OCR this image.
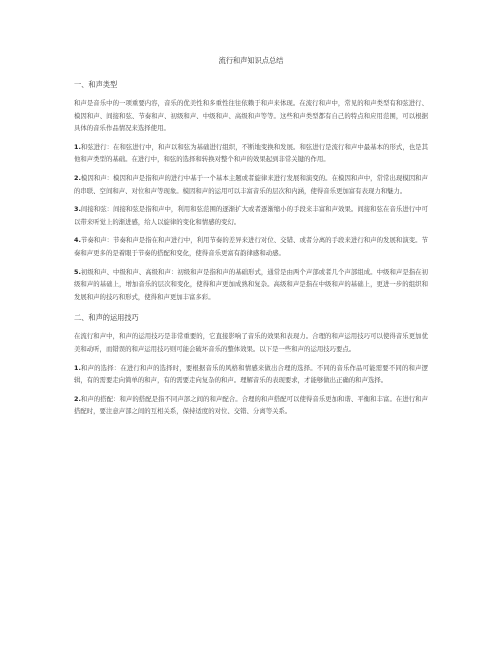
流行和声知识点总结
一、和声类型

和声是音乐中的一项重要内容，音乐的优美性和多重性往往依赖于和声来体现。在流行和声中，常见的和声类型有和弦进行、模因和声、间接和弦、节奏和声、初级和声、中级和声、高级和声等等。这些和声类型都有自己的特点和应用范围，可以根据具体的音乐作品情况来选择使用。

1.和弦进行：在和弦进行中，和声以和弦为基础进行组织，不断地变换和发展。和弦进行是流行和声中最基本的形式，也是其他和声类型的基础。在进行中，和弦的选择和转换对整个和声的效果起到非常关键的作用。

2.模因和声：模因和声是指和声的进行中基于一个基本主题或者旋律来进行发展和演变的。在模因和声中，常常出现模因和声的串联、空间和声、对位和声等现象。模因和声的运用可以丰富音乐的层次和内涵，使得音乐更加富有表现力和魅力。

3.间接和弦：间接和弦是指和声中，利用和弦范围的逐渐扩大或者逐渐缩小的手段来丰富和声效果。间接和弦在音乐进行中可以带来听觉上的渐进感，给人以旋律的变化和情感的变幻。

4.节奏和声：节奏和声是指在和声进行中，利用节奏的差异来进行对位、交错、或者分离的手段来进行和声的发展和演变。节奏和声更多的是着眼于节奏的搭配和变化，使得音乐更富有韵律感和动感。

5.初级和声、中级和声、高级和声：初级和声是指和声的基础形式，通常是由两个声部或者几个声部组成。中级和声是指在初级和声的基础上，增加音乐的层次和变化，使得和声更加成熟和复杂。高级和声是指在中级和声的基础上，更进一步的组织和发展和声的技巧和形式，使得和声更加丰富多彩。

二、和声的运用技巧

在流行和声中，和声的运用技巧是非常重要的，它直接影响了音乐的效果和表现力。合理的和声运用技巧可以使得音乐更加优美和动听，而错误的和声运用技巧则可能会破坏音乐的整体效果。以下是一些和声的运用技巧要点。

1.和声的选择：在进行和声的选择时，要根据音乐的风格和情感来做出合理的选择。不同的音乐作品可能需要不同的和声逻辑，有的需要走向简单的和声，有的需要走向复杂的和声。理解音乐的表现要求，才能够做出正确的和声选择。

2.和声的搭配：和声的搭配是指不同声部之间的和声配合。合理的和声搭配可以使得音乐更加和谐、平衡和丰富。在进行和声搭配时，要注意声部之间的互相关系，保持适度的对位、交错、分离等关系。
